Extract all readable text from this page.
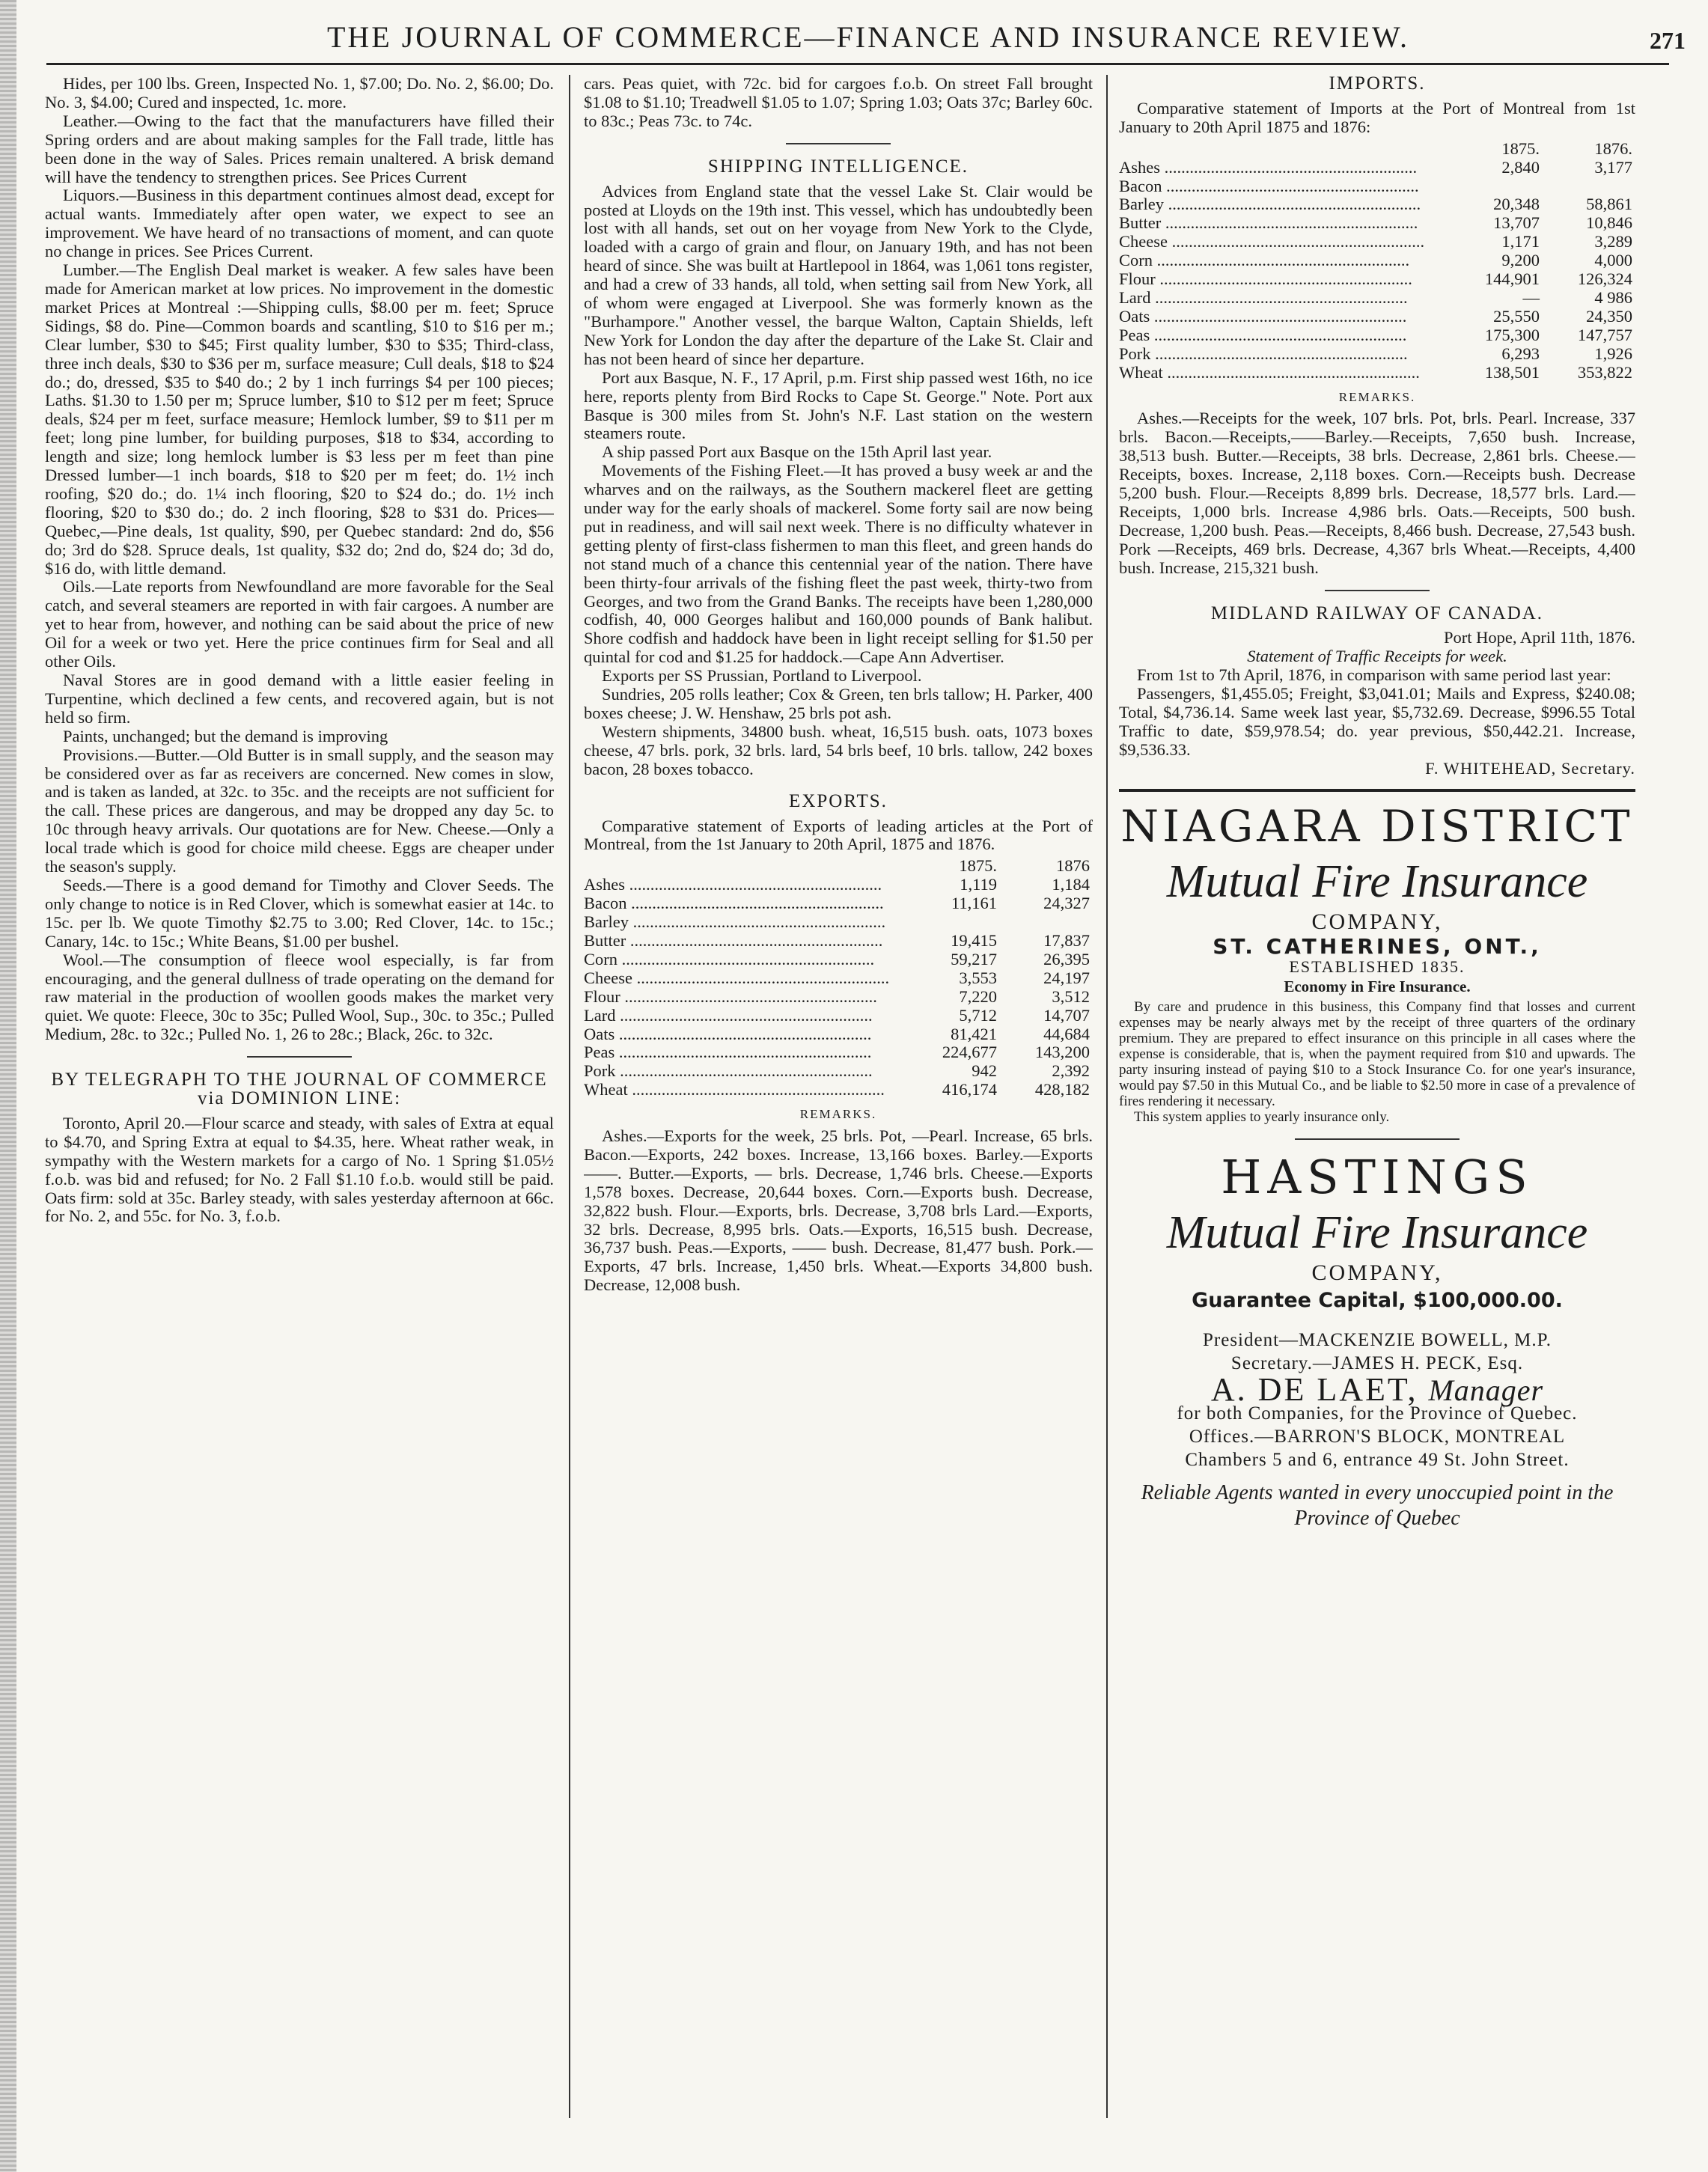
THE JOURNAL OF COMMERCE—FINANCE AND INSURANCE REVIEW.	271

Hides, per 100 lbs. Green, Inspected No. 1, $7.00; Do. No. 2, $6.00; Do. No. 3, $4.00; Cured and inspected, 1c. more.

Leather.—Owing to the fact that the manufacturers have filled their Spring orders and are about making samples for the Fall trade, little has been done in the way of Sales. Prices remain unaltered. A brisk demand will have the tendency to strengthen prices. See Prices Current

Liquors.—Business in this department continues almost dead, except for actual wants. Immediately after open water, we expect to see an improvement. We have heard of no transactions of moment, and can quote no change in prices. See Prices Current.

Lumber.—The English Deal market is weaker. A few sales have been made for American market at low prices. No improvement in the domestic market Prices at Montreal :—Shipping culls, $8.00 per m. feet; Spruce Sidings, $8 do. Pine—Common boards and scantling, $10 to $16 per m.; Clear lumber, $30 to $45; First quality lumber, $30 to $35; Third-class, three inch deals, $30 to $36 per m, surface measure; Cull deals, $18 to $24 do.; do, dressed, $35 to $40 do.; 2 by 1 inch furrings $4 per 100 pieces; Laths. $1.30 to 1.50 per m; Spruce lumber, $10 to $12 per m feet; Spruce deals, $24 per m feet, surface measure; Hemlock lumber, $9 to $11 per m feet; long pine lumber, for building purposes, $18 to $34, according to length and size; long hemlock lumber is $3 less per m feet than pine Dressed lumber—1 inch boards, $18 to $20 per m feet; do. 1½ inch roofing, $20 do.; do. 1¼ inch flooring, $20 to $24 do.; do. 1½ inch flooring, $20 to $30 do.; do. 2 inch flooring, $28 to $31 do. Prices—Quebec,—Pine deals, 1st quality, $90, per Quebec standard: 2nd do, $56 do; 3rd do $28. Spruce deals, 1st quality, $32 do; 2nd do, $24 do; 3d do, $16 do, with little demand.

Oils.—Late reports from Newfoundland are more favorable for the Seal catch, and several steamers are reported in with fair cargoes. A number are yet to hear from, however, and nothing can be said about the price of new Oil for a week or two yet. Here the price continues firm for Seal and all other Oils.

Naval Stores are in good demand with a little easier feeling in Turpentine, which declined a few cents, and recovered again, but is not held so firm.

Paints, unchanged; but the demand is improving

Provisions.—Butter.—Old Butter is in small supply, and the season may be considered over as far as receivers are concerned. New comes in slow, and is taken as landed, at 32c. to 35c. and the receipts are not sufficient for the call. These prices are dangerous, and may be dropped any day 5c. to 10c through heavy arrivals. Our quotations are for New. Cheese.—Only a local trade which is good for choice mild cheese. Eggs are cheaper under the season's supply.

Seeds.—There is a good demand for Timothy and Clover Seeds. The only change to notice is in Red Clover, which is somewhat easier at 14c. to 15c. per lb. We quote Timothy $2.75 to 3.00; Red Clover, 14c. to 15c.; Canary, 14c. to 15c.; White Beans, $1.00 per bushel.

Wool.—The consumption of fleece wool especially, is far from encouraging, and the general dullness of trade operating on the demand for raw material in the production of woollen goods makes the market very quiet. We quote: Fleece, 30c to 35c; Pulled Wool, Sup., 30c. to 35c.; Pulled Medium, 28c. to 32c.; Pulled No. 1, 26 to 28c.; Black, 26c. to 32c.

BY TELEGRAPH TO THE JOURNAL OF COMMERCE via DOMINION LINE:

Toronto, April 20.—Flour scarce and steady, with sales of Extra at equal to $4.70, and Spring Extra at equal to $4.35, here. Wheat rather weak, in sympathy with the Western markets for a cargo of No. 1 Spring $1.05½ f.o.b. was bid and refused; for No. 2 Fall $1.10 f.o.b. would still be paid. Oats firm: sold at 35c. Barley steady, with sales yesterday afternoon at 66c. for No. 2, and 55c. for No. 3, f.o.b.

cars. Peas quiet, with 72c. bid for cargoes f.o.b. On street Fall brought $1.08 to $1.10; Treadwell $1.05 to 1.07; Spring 1.03; Oats 37c; Barley 60c. to 83c.; Peas 73c. to 74c.

SHIPPING INTELLIGENCE.

Advices from England state that the vessel Lake St. Clair would be posted at Lloyds on the 19th inst. This vessel, which has undoubtedly been lost with all hands, set out on her voyage from New York to the Clyde, loaded with a cargo of grain and flour, on January 19th, and has not been heard of since. She was built at Hartlepool in 1864, was 1,061 tons register, and had a crew of 33 hands, all told, when setting sail from New York, all of whom were engaged at Liverpool. She was formerly known as the "Burhampore." Another vessel, the barque Walton, Captain Shields, left New York for London the day after the departure of the Lake St. Clair and has not been heard of since her departure.

Port aux Basque, N. F., 17 April, p.m. First ship passed west 16th, no ice here, reports plenty from Bird Rocks to Cape St. George." Note. Port aux Basque is 300 miles from St. John's N.F. Last station on the western steamers route.

A ship passed Port aux Basque on the 15th April last year.

Movements of the Fishing Fleet.—It has proved a busy week ar and the wharves and on the railways, as the Southern mackerel fleet are getting under way for the early shoals of mackerel. Some forty sail are now being put in readiness, and will sail next week. There is no difficulty whatever in getting plenty of first-class fishermen to man this fleet, and green hands do not stand much of a chance this centennial year of the nation. There have been thirty-four arrivals of the fishing fleet the past week, thirty-two from Georges, and two from the Grand Banks. The receipts have been 1,280,000 codfish, 40, 000 Georges halibut and 160,000 pounds of Bank halibut. Shore codfish and haddock have been in light receipt selling for $1.50 per quintal for cod and $1.25 for haddock.—Cape Ann Advertiser.

Exports per SS Prussian, Portland to Liverpool.

Sundries, 205 rolls leather; Cox & Green, ten brls tallow; H. Parker, 400 boxes cheese; J. W. Henshaw, 25 brls pot ash.

Western shipments, 34800 bush. wheat, 16,515 bush. oats, 1073 boxes cheese, 47 brls. pork, 32 brls. lard, 54 brls beef, 10 brls. tallow, 242 boxes bacon, 28 boxes tobacco.

EXPORTS.

Comparative statement of Exports of leading articles at the Port of Montreal, from the 1st January to 20th April, 1875 and 1876.

	1875.	1876
Ashes ............................................................	1,119	1,184
Bacon ............................................................	11,161	24,327
Barley ............................................................		
Butter ............................................................	19,415	17,837
Corn ............................................................	59,217	26,395
Cheese ............................................................	3,553	24,197
Flour ............................................................	7,220	3,512
Lard ............................................................	5,712	14,707
Oats ............................................................	81,421	44,684
Peas ............................................................	224,677	143,200
Pork ............................................................	942	2,392
Wheat ............................................................	416,174	428,182
REMARKS.

Ashes.—Exports for the week, 25 brls. Pot, —Pearl. Increase, 65 brls. Bacon.—Exports, 242 boxes. Increase, 13,166 boxes. Barley.—Exports——. Butter.—Exports, — brls. Decrease, 1,746 brls. Cheese.—Exports 1,578 boxes. Decrease, 20,644 boxes. Corn.—Exports bush. Decrease, 32,822 bush. Flour.—Exports, brls. Decrease, 3,708 brls Lard.—Exports, 32 brls. Decrease, 8,995 brls. Oats.—Exports, 16,515 bush. Decrease, 36,737 bush. Peas.—Exports, —— bush. Decrease, 81,477 bush. Pork.—Exports, 47 brls. Increase, 1,450 brls. Wheat.—Exports 34,800 bush. Decrease, 12,008 bush.

IMPORTS.

Comparative statement of Imports at the Port of Montreal from 1st January to 20th April 1875 and 1876:

	1875.	1876.
Ashes ............................................................	2,840	3,177
Bacon ............................................................		
Barley ............................................................	20,348	58,861
Butter ............................................................	13,707	10,846
Cheese ............................................................	1,171	3,289
Corn ............................................................	9,200	4,000
Flour ............................................................	144,901	126,324
Lard ............................................................	—	4 986
Oats ............................................................	25,550	24,350
Peas ............................................................	175,300	147,757
Pork ............................................................	6,293	1,926
Wheat ............................................................	138,501	353,822
REMARKS.

Ashes.—Receipts for the week, 107 brls. Pot, brls. Pearl. Increase, 337 brls. Bacon.—Receipts,——Barley.—Receipts, 7,650 bush. Increase, 38,513 bush. Butter.—Receipts, 38 brls. Decrease, 2,861 brls. Cheese.—Receipts, boxes. Increase, 2,118 boxes. Corn.—Receipts bush. Decrease 5,200 bush. Flour.—Receipts 8,899 brls. Decrease, 18,577 brls. Lard.—Receipts, 1,000 brls. Increase 4,986 brls. Oats.—Receipts, 500 bush. Decrease, 1,200 bush. Peas.—Receipts, 8,466 bush. Decrease, 27,543 bush. Pork —Receipts, 469 brls. Decrease, 4,367 brls Wheat.—Receipts, 4,400 bush. Increase, 215,321 bush.

MIDLAND RAILWAY OF CANADA.

Port Hope, April 11th, 1876.

Statement of Traffic Receipts for week.

From 1st to 7th April, 1876, in comparison with same period last year:

Passengers, $1,455.05; Freight, $3,041.01; Mails and Express, $240.08; Total, $4,736.14. Same week last year, $5,732.69. Decrease, $996.55 Total Traffic to date, $59,978.54; do. year previous, $50,442.21. Increase, $9,536.33.

F. WHITEHEAD, Secretary.

NIAGARA DISTRICT
Mutual Fire Insurance
COMPANY,
ST. CATHERINES, ONT.,
ESTABLISHED 1835.
Economy in Fire Insurance.

By care and prudence in this business, this Company find that losses and current expenses may be nearly always met by the receipt of three quarters of the ordinary premium. They are prepared to effect insurance on this principle in all cases where the expense is considerable, that is, when the payment required from $10 and upwards. The party insuring instead of paying $10 to a Stock Insurance Co. for one year's insurance, would pay $7.50 in this Mutual Co., and be liable to $2.50 more in case of a prevalence of fires rendering it necessary.

This system applies to yearly insurance only.

HASTINGS
Mutual Fire Insurance
COMPANY,
Guarantee Capital, $100,000.00.
President—MACKENZIE BOWELL, M.P.
Secretary.—JAMES H. PECK, Esq.
A. DE LAET, Manager
for both Companies, for the Province of Quebec.
Offices.—BARRON'S BLOCK, MONTREAL
Chambers 5 and 6, entrance 49 St. John Street.
Reliable Agents wanted in every unoccupied point in the Province of Quebec
